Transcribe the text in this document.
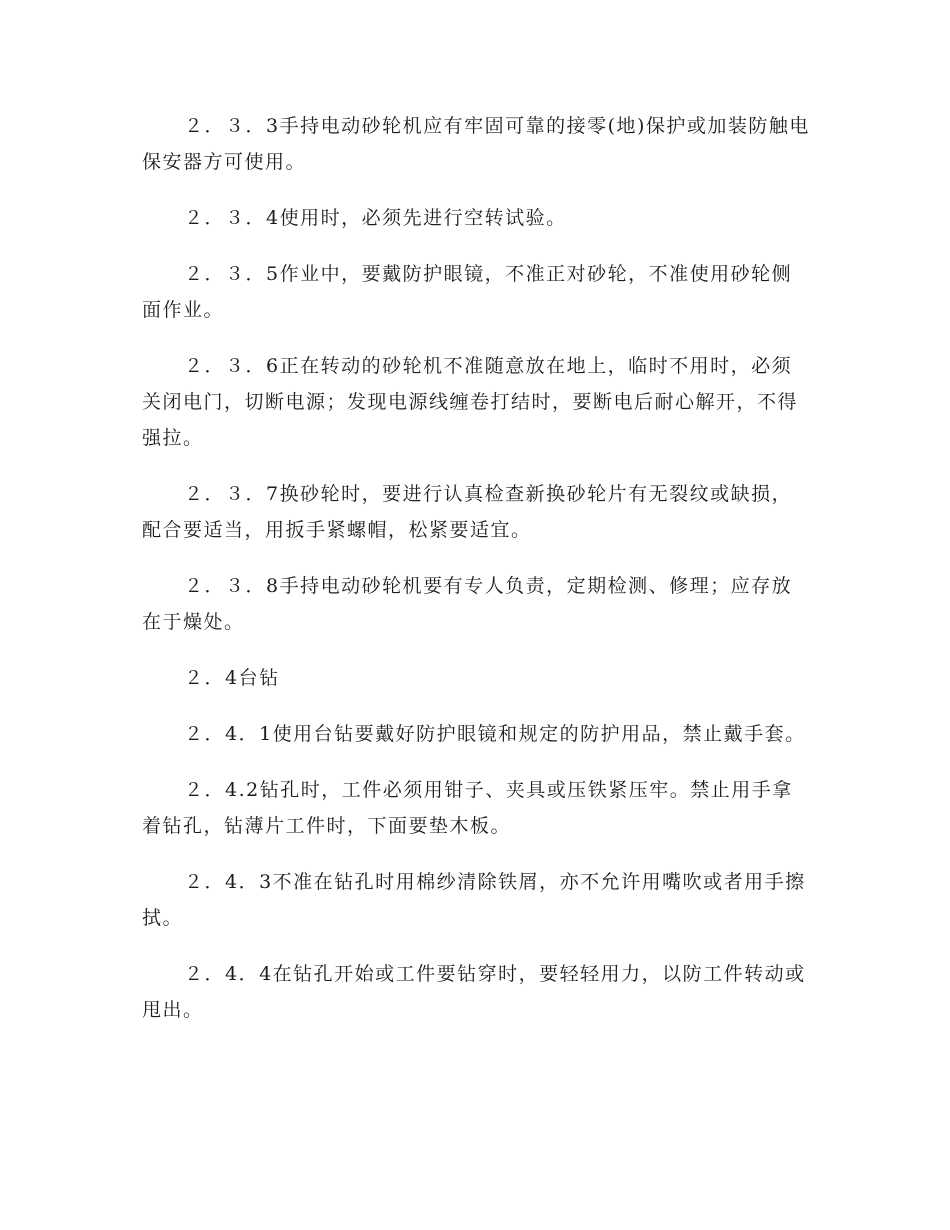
２．３．3手持电动砂轮机应有牢固可靠的接零(地)保护或加装防触电保安器方可使用。

２．３．4使用时，必须先进行空转试验。

２．３．5作业中，要戴防护眼镜，不准正对砂轮，不准使用砂轮侧面作业。

２．３．6正在转动的砂轮机不准随意放在地上，临时不用时，必须关闭电门，切断电源；发现电源线缠卷打结时，要断电后耐心解开，不得强拉。

２．３．7换砂轮时，要进行认真检查新换砂轮片有无裂纹或缺损，配合要适当，用扳手紧螺帽，松紧要适宜。

２．３．8手持电动砂轮机要有专人负责，定期检测、修理；应存放在于燥处。

２．4台钻

２．4．1使用台钻要戴好防护眼镜和规定的防护用品，禁止戴手套。

２．4.2钻孔时，工件必须用钳子、夹具或压铁紧压牢。禁止用手拿着钻孔，钻薄片工件时，下面要垫木板。

２．4．3不准在钻孔时用棉纱清除铁屑，亦不允许用嘴吹或者用手擦拭。

２．4．4在钻孔开始或工件要钻穿时，要轻轻用力，以防工件转动或甩出。
